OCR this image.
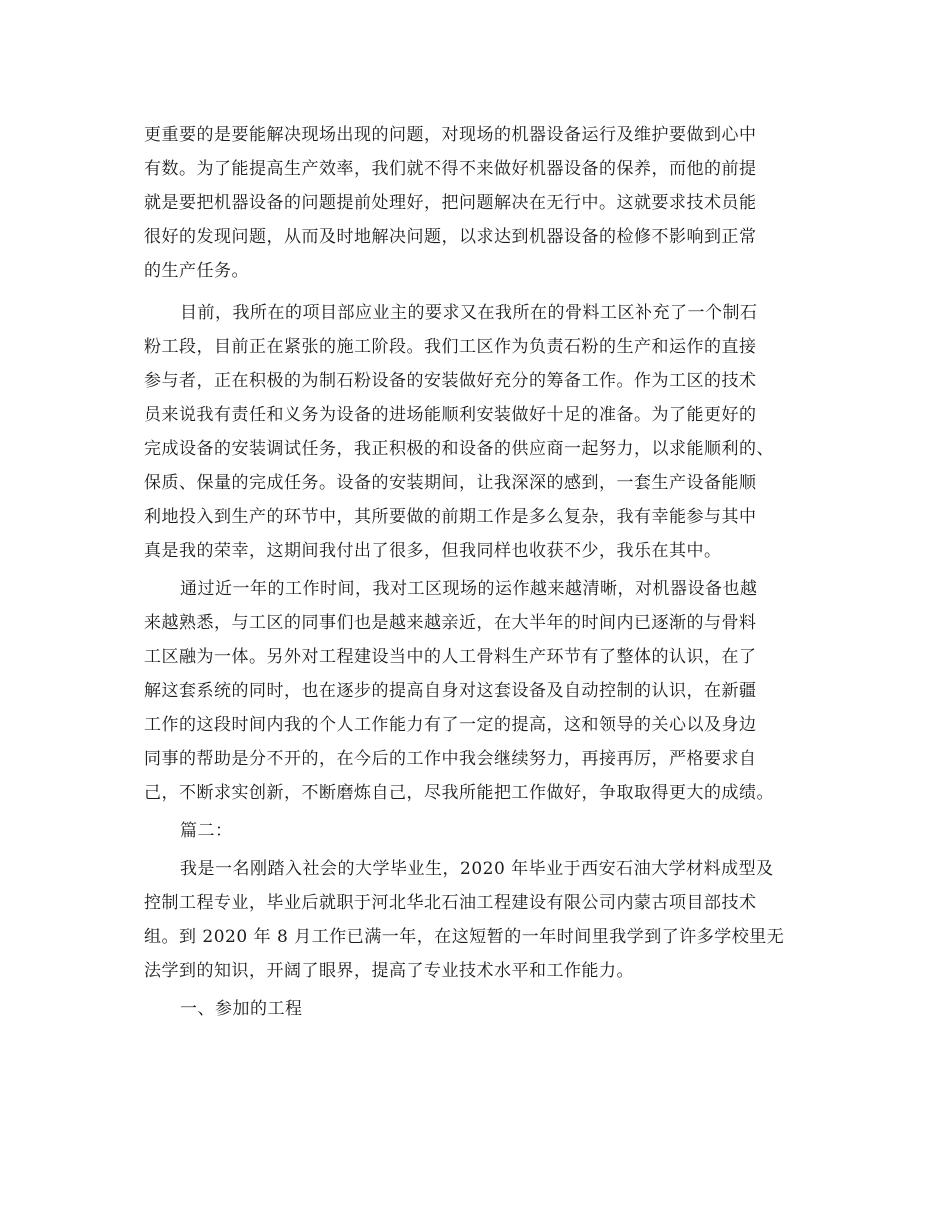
更重要的是要能解决现场出现的问题，对现场的机器设备运行及维护要做到心中
有数。为了能提高生产效率，我们就不得不来做好机器设备的保养，而他的前提
就是要把机器设备的问题提前处理好，把问题解决在无行中。这就要求技术员能
很好的发现问题，从而及时地解决问题，以求达到机器设备的检修不影响到正常
的生产任务。
目前，我所在的项目部应业主的要求又在我所在的骨料工区补充了一个制石
粉工段，目前正在紧张的施工阶段。我们工区作为负责石粉的生产和运作的直接
参与者，正在积极的为制石粉设备的安装做好充分的筹备工作。作为工区的技术
员来说我有责任和义务为设备的进场能顺利安装做好十足的准备。为了能更好的
完成设备的安装调试任务，我正积极的和设备的供应商一起努力，以求能顺利的、
保质、保量的完成任务。设备的安装期间，让我深深的感到，一套生产设备能顺
利地投入到生产的环节中，其所要做的前期工作是多么复杂，我有幸能参与其中
真是我的荣幸，这期间我付出了很多，但我同样也收获不少，我乐在其中。
通过近一年的工作时间，我对工区现场的运作越来越清晰，对机器设备也越
来越熟悉，与工区的同事们也是越来越亲近，在大半年的时间内已逐渐的与骨料
工区融为一体。另外对工程建设当中的人工骨料生产环节有了整体的认识，在了
解这套系统的同时，也在逐步的提高自身对这套设备及自动控制的认识，在新疆
工作的这段时间内我的个人工作能力有了一定的提高，这和领导的关心以及身边
同事的帮助是分不开的，在今后的工作中我会继续努力，再接再厉，严格要求自
己，不断求实创新，不断磨炼自己，尽我所能把工作做好，争取取得更大的成绩。
篇二：
我是一名刚踏入社会的大学毕业生，2020 年毕业于西安石油大学材料成型及
控制工程专业，毕业后就职于河北华北石油工程建设有限公司内蒙古项目部技术
组。到 2020 年 8 月工作已满一年，在这短暂的一年时间里我学到了许多学校里无
法学到的知识，开阔了眼界，提高了专业技术水平和工作能力。
一、参加的工程
